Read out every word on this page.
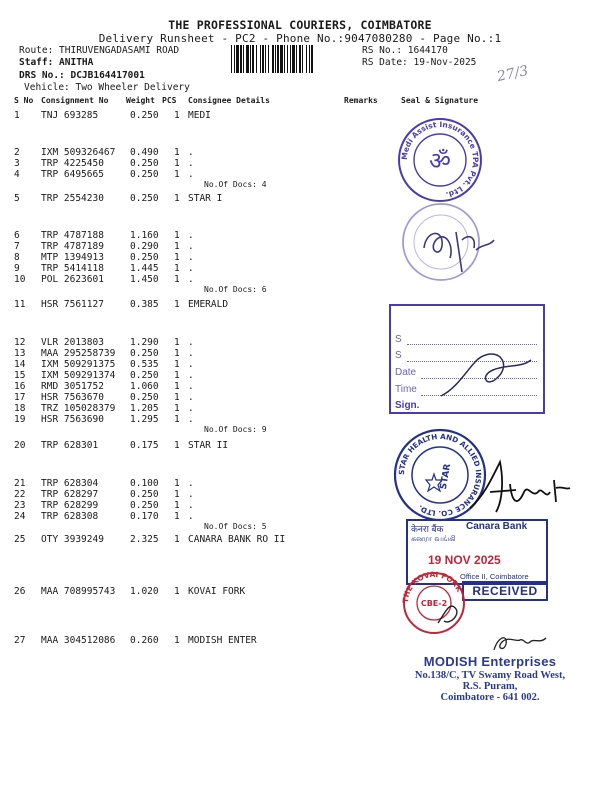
THE PROFESSIONAL COURIERS, COIMBATORE
Delivery Runsheet - PC2 - Phone No.:9047080280 - Page No.:1
Route: THIRUVENGADASAMI ROAD
Staff: ANITHA
DRS No.: DCJB164417001
Vehicle: Two Wheeler Delivery
RS No.: 1644170
RS Date: 19-Nov-2025
27/3
S No Consignment No Weight PCS Consignee Details	Remarks	Seal & Signature
1 TNJ 693285	0.250 1 MEDI
2 IXM 509326467 0.490 1 .
3 TRP 4225450	0.250 1 .
4 TRP 6495665	0.250 1 .
No.Of Docs: 4
5 TRP 2554230	0.250 1 STAR I
6 TRP 4787188	1.160 1 .
7 TRP 4787189	0.290 1 .
8 MTP 1394913	0.250 1 .
9 TRP 5414118	1.445 1 .
10 POL 2623601	1.450 1 .
No.Of Docs: 6
11 HSR 7561127	0.385 1 EMERALD
12 VLR 2013803	1.290 1 .
13 MAA 295258739 0.250 1 .
14 IXM 509291375 0.535 1 .
15 IXM 509291374 0.250 1 .
16 RMD 3051752	1.060 1 .
17 HSR 7563670	0.250 1 .
18 TRZ 105028379 1.205 1 .
19 HSR 7563690	1.295 1 .
No.Of Docs: 9
20 TRP 628301	0.175 1 STAR II
21 TRP 628304	0.100 1 .
22 TRP 628297	0.250 1 .
23 TRP 628299	0.250 1 .
24 TRP 628308	0.170 1 .
No.Of Docs: 5
25 OTY 3939249	2.325 1 CANARA BANK RO II
26 MAA 708995743 1.020 1 KOVAI FORK
27 MAA 304512086 0.260 1 MODISH ENTER
Medi Assist Insurance TPA Pvt. Ltd.
ॐ
S
S
Date
Time
Sign.
STAR HEALTH AND ALLIED INSURANCE CO. LTD.
STAR
केनरा बैंक Canara Bank
கனரா வங்கி
19 NOV 2025
Office II, Coimbatore
RECEIVED
THE KOVAI FORK
CBE-2
MODISH Enterprises
No.138/C, TV Swamy Road West,
R.S. Puram,
Coimbatore - 641 002.
